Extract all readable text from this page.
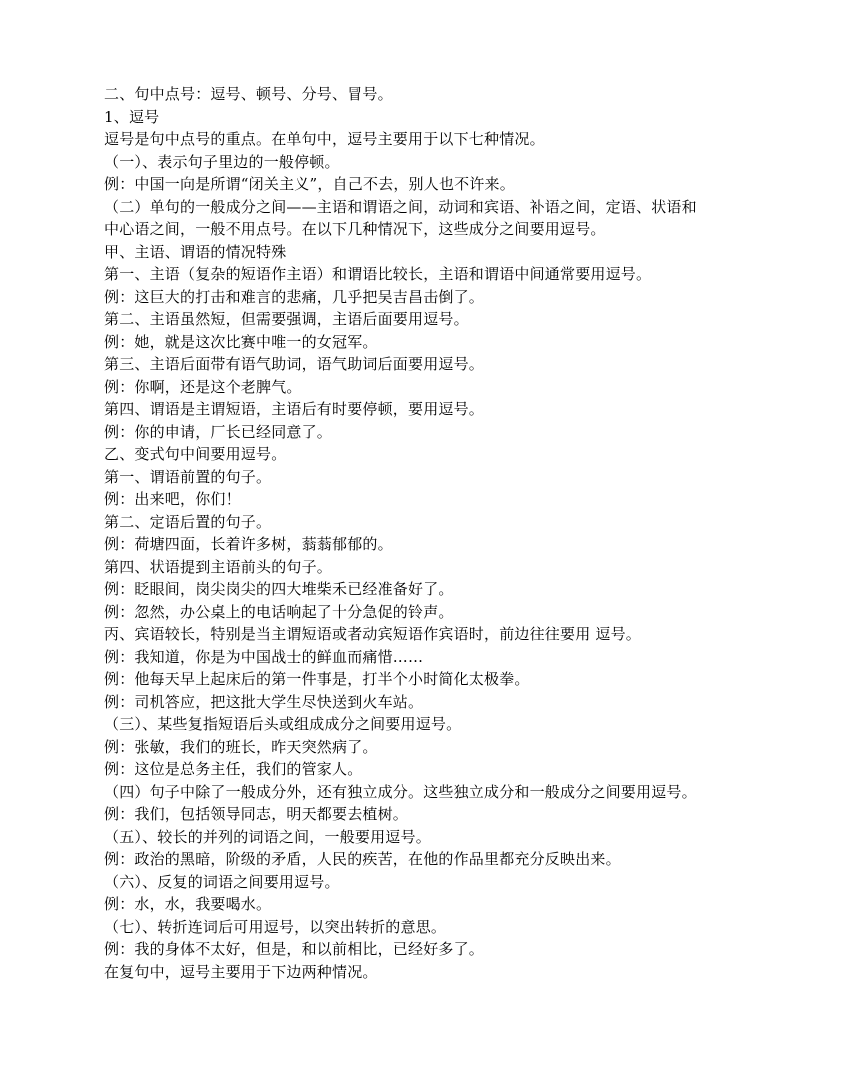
二、句中点号：逗号、顿号、分号、冒号。
1、逗号
逗号是句中点号的重点。在单句中，逗号主要用于以下七种情况。
（一）、表示句子里边的一般停顿。
例：中国一向是所谓“闭关主义”，自己不去，别人也不许来。
（二）单句的一般成分之间——主语和谓语之间，动词和宾语、补语之间，定语、状语和
中心语之间，一般不用点号。在以下几种情况下，这些成分之间要用逗号。
甲、主语、谓语的情况特殊
第一、主语（复杂的短语作主语）和谓语比较长，主语和谓语中间通常要用逗号。
例：这巨大的打击和难言的悲痛，几乎把吴吉昌击倒了。
第二、主语虽然短，但需要强调，主语后面要用逗号。
例：她，就是这次比赛中唯一的女冠军。
第三、主语后面带有语气助词，语气助词后面要用逗号。
例：你啊，还是这个老脾气。
第四、谓语是主谓短语，主语后有时要停顿，要用逗号。
例：你的申请，厂长已经同意了。
乙、变式句中间要用逗号。
第一、谓语前置的句子。
例：出来吧，你们！
第二、定语后置的句子。
例：荷塘四面，长着许多树，蓊蓊郁郁的。
第四、状语提到主语前头的句子。
例：眨眼间，岗尖岗尖的四大堆柴禾已经准备好了。
例：忽然，办公桌上的电话响起了十分急促的铃声。
丙、宾语较长，特别是当主谓短语或者动宾短语作宾语时，前边往往要用 逗号。
例：我知道，你是为中国战士的鲜血而痛惜……
例：他每天早上起床后的第一件事是，打半个小时简化太极拳。
例：司机答应，把这批大学生尽快送到火车站。
（三）、某些复指短语后头或组成成分之间要用逗号。
例：张敏，我们的班长，昨天突然病了。
例：这位是总务主任，我们的管家人。
（四）句子中除了一般成分外，还有独立成分。这些独立成分和一般成分之间要用逗号。
例：我们，包括领导同志，明天都要去植树。
（五）、较长的并列的词语之间，一般要用逗号。
例：政治的黑暗，阶级的矛盾，人民的疾苦，在他的作品里都充分反映出来。
（六）、反复的词语之间要用逗号。
例：水，水，我要喝水。
（七）、转折连词后可用逗号，以突出转折的意思。
例：我的身体不太好，但是，和以前相比，已经好多了。
在复句中，逗号主要用于下边两种情况。
